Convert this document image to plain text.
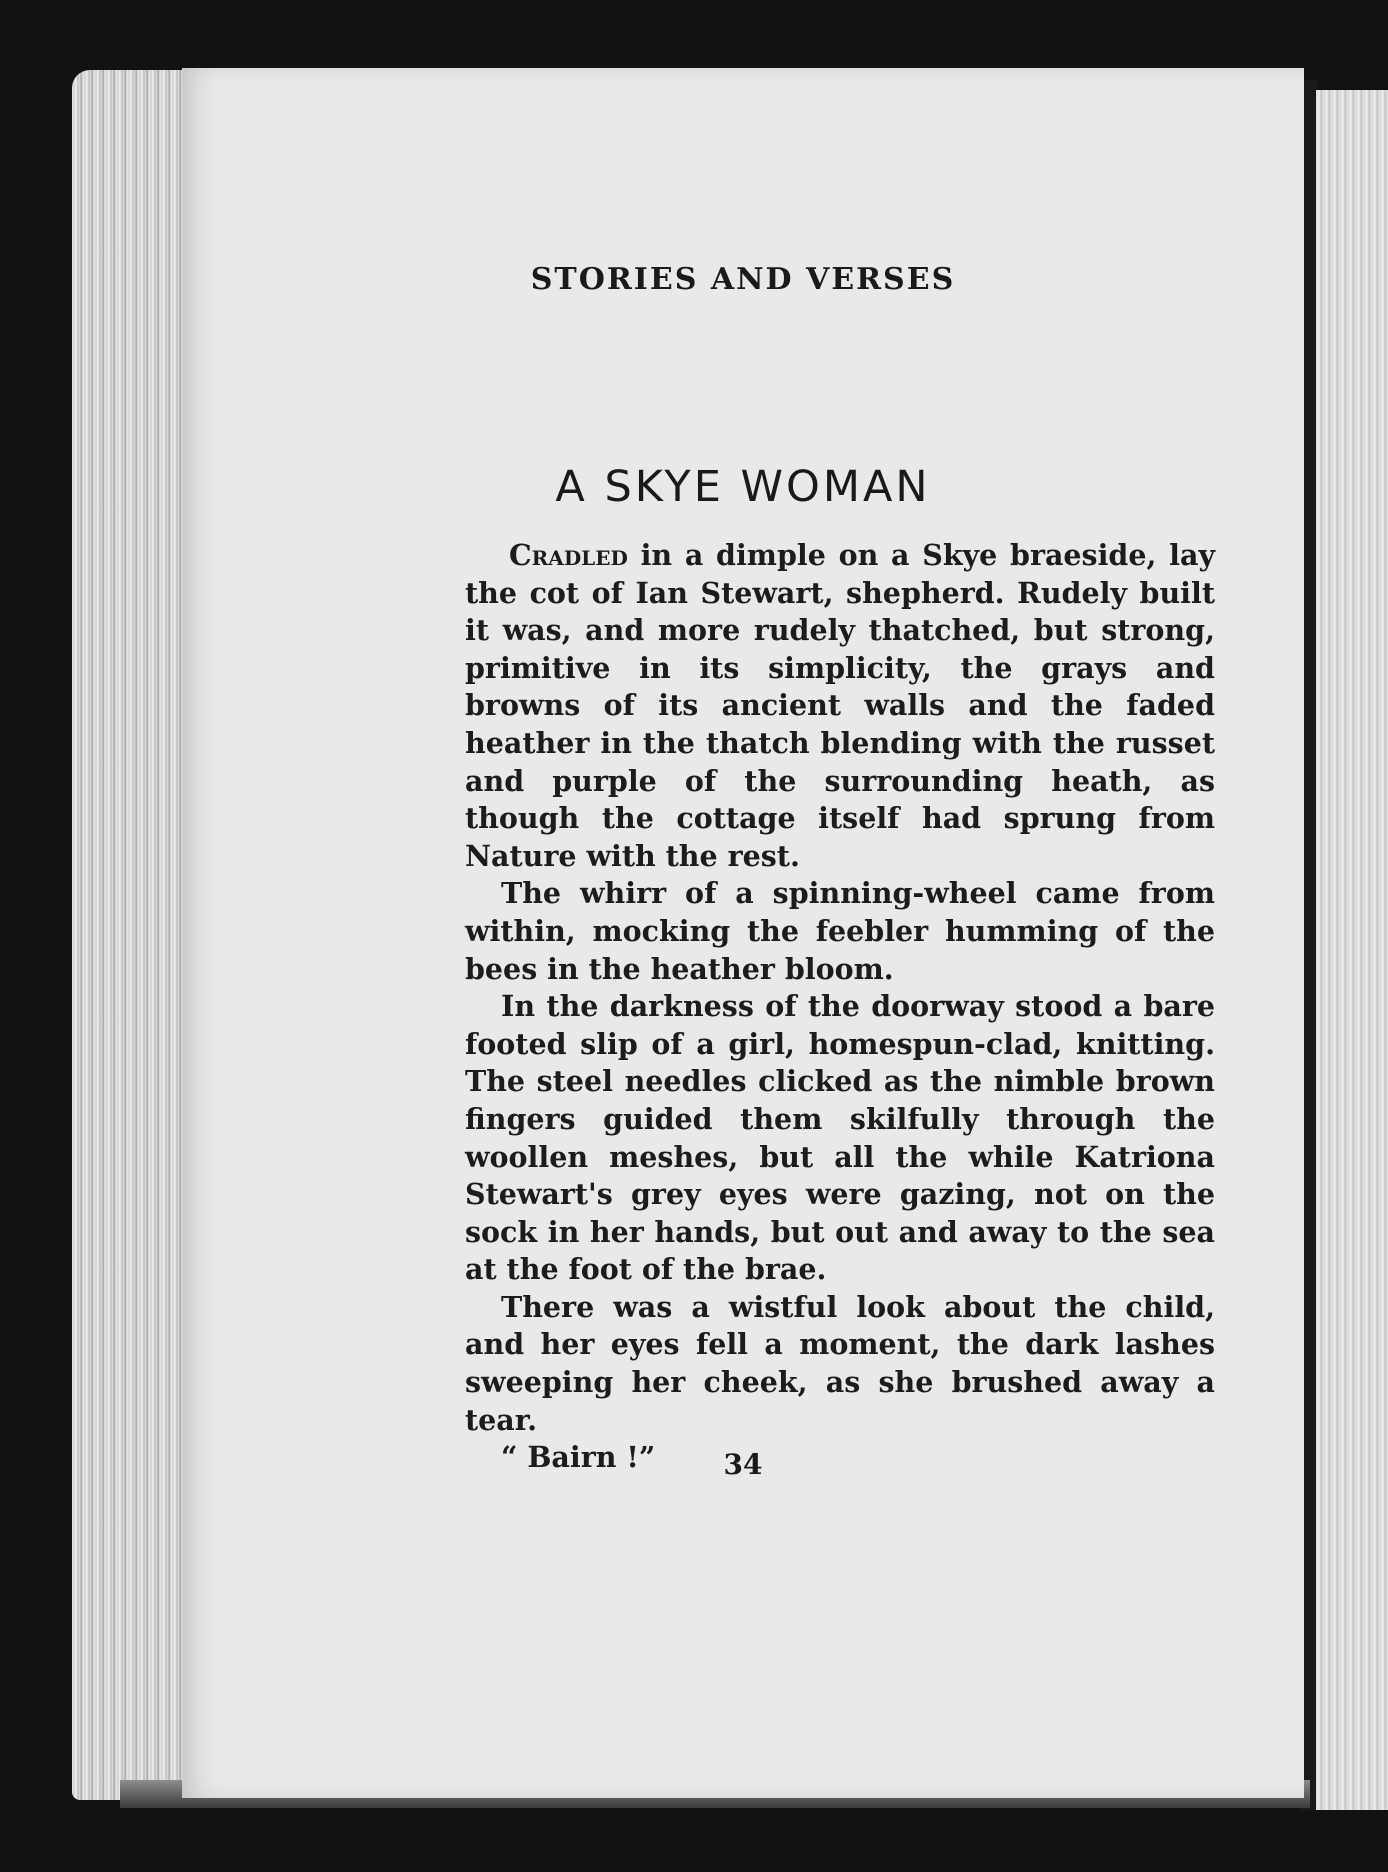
STORIES AND VERSES
A SKYE WOMAN

Cradled in a dimple on a Skye braeside, lay the cot of Ian Stewart, shepherd. Rudely built it was, and more rudely thatched, but strong, primitive in its simplicity, the grays and browns of its ancient walls and the faded heather in the thatch blending with the russet and purple of the surrounding heath, as though the cottage itself had sprung from Nature with the rest.

The whirr of a spinning-wheel came from within, mocking the feebler humming of the bees in the heather bloom.

In the darkness of the doorway stood a bare footed slip of a girl, homespun-clad, knitting. The steel needles clicked as the nimble brown fingers guided them skilfully through the woollen meshes, but all the while Katriona Stewart's grey eyes were gazing, not on the sock in her hands, but out and away to the sea at the foot of the brae.

There was a wistful look about the child, and her eyes fell a moment, the dark lashes sweeping her cheek, as she brushed away a tear.

“ Bairn !”	34
